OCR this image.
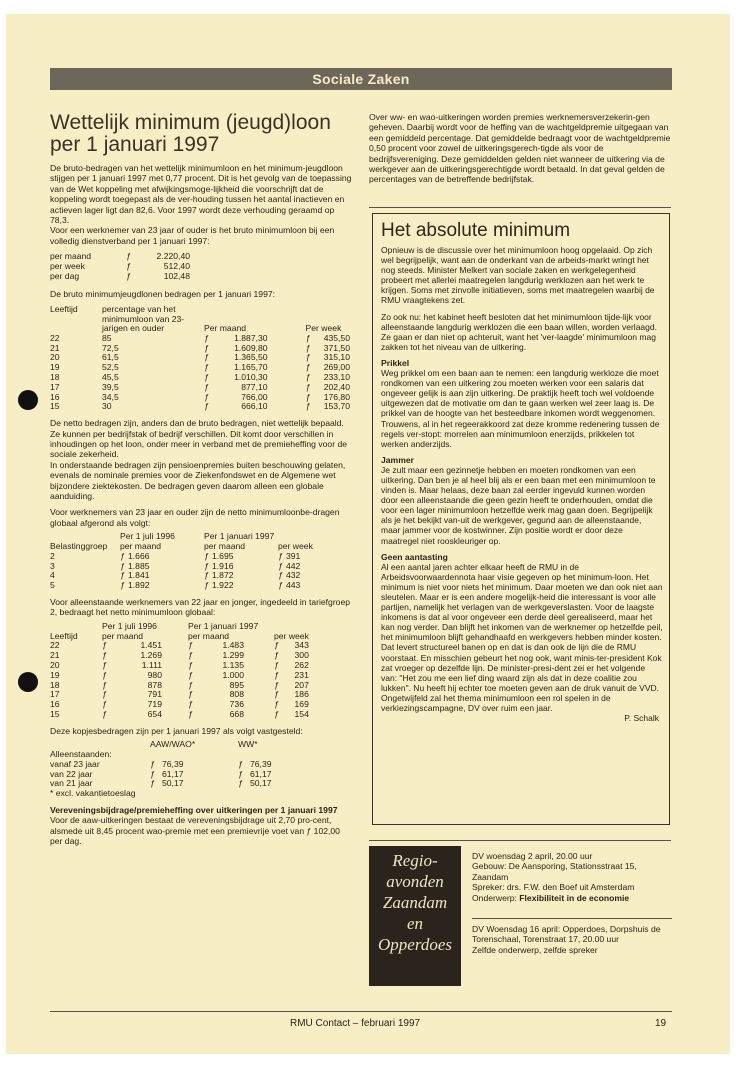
Sociale Zaken
Wettelijk minimum (jeugd)loon
per 1 januari 1997

De bruto-bedragen van het wettelijk minimumloon en het minimum-jeugdloon stijgen per 1 januari 1997 met 0,77 procent. Dit is het gevolg van de toepassing van de Wet koppeling met afwijkingsmoge-lijkheid die voorschrijft dat de koppeling wordt toegepast als de ver-houding tussen het aantal inactieven en actieven lager ligt dan 82,6. Voor 1997 wordt deze verhouding geraamd op 78,3.

Voor een werknemer van 23 jaar of ouder is het bruto minimumloon bij een volledig dienstverband per 1 januari 1997:

per maand	ƒ	2.220,40
per week	ƒ	512,40
per dag	ƒ	102,48

De bruto minimumjeugdlonen bedragen per 1 januari 1997:

Leeftijd	percentage van het minimumloon van 23-jarigen en ouder	Per maand		Per week	
22	85	ƒ	1.887,30	ƒ	435,50
21	72,5	ƒ	1.609,80	ƒ	371,50
20	61,5	ƒ	1.365,50	ƒ	315,10
19	52,5	ƒ	1.165,70	ƒ	269,00
18	45,5	ƒ	1.010,30	ƒ	233,10
17	39,5	ƒ	877,10	ƒ	202,40
16	34,5	ƒ	766,00	ƒ	176,80
15	30	ƒ	666,10	ƒ	153,70

De netto bedragen zijn, anders dan de bruto bedragen, niet wettelijk bepaald. Ze kunnen per bedrijfstak of bedrijf verschillen. Dit komt door verschillen in inhoudingen op het loon, onder meer in verband met de premieheffing voor de sociale zekerheid.

In onderstaande bedragen zijn pensioenpremies buiten beschouwing gelaten, evenals de nominale premies voor de Ziekenfondswet en de Algemene wet bijzondere ziektekosten. De bedragen geven daarom alleen een globale aanduiding.

Voor werknemers van 23 jaar en ouder zijn de netto minimumloonbe-dragen globaal afgerond als volgt:

	Per 1 juli 1996		Per 1 januari 1997			
Belastinggroep	per maand		per maand		per week	
2	ƒ	1.666	ƒ	1.695	ƒ	391
3	ƒ	1.885	ƒ	1.916	ƒ	442
4	ƒ	1.841	ƒ	1.872	ƒ	432
5	ƒ	1.892	ƒ	1.922	ƒ	443

Voor alleenstaande werknemers van 22 jaar en jonger, ingedeeld in tariefgroep 2, bedraagt het netto minimumloon globaal:

	Per 1 juli 1996		Per 1 januari 1997			
Leeftijd	per maand		per maand		per week	
22	ƒ	1.451	ƒ	1.483	ƒ	343
21	ƒ	1.269	ƒ	1.299	ƒ	300
20	ƒ	1.111	ƒ	1.135	ƒ	262
19	ƒ	980	ƒ	1.000	ƒ	231
18	ƒ	878	ƒ	895	ƒ	207
17	ƒ	791	ƒ	808	ƒ	186
16	ƒ	719	ƒ	736	ƒ	169
15	ƒ	654	ƒ	668	ƒ	154

Deze kopjesbedragen zijn per 1 januari 1997 als volgt vastgesteld:

	AAW/WAO*		WW*	
Alleenstaanden:				
vanaf 23 jaar	ƒ	76,39	ƒ	76,39
van 22 jaar	ƒ	61,17	ƒ	61,17
van 21 jaar	ƒ	50,17	ƒ	50,17
* excl. vakantietoeslag				

Vereveningsbijdrage/premieheffing over uitkeringen per 1 januari 1997
Voor de aaw-uitkeringen bestaat de vereveningsbijdrage uit 2,70 pro-cent, alsmede uit 8,45 procent wao-premie met een premievrije voet van ƒ 102,00 per dag.

Over ww- en wao-uitkeringen worden premies werknemersverzekerin-gen geheven. Daarbij wordt voor de heffing van de wachtgeldpremie uitgegaan van een gemiddeld percentage. Dat gemiddelde bedraagt voor de wachtgeldpremie 0,50 procent voor zowel de uitkeringsgerech-tigde als voor de bedrijfsvereniging. Deze gemiddelden gelden niet wanneer de uitkering via de werkgever aan de uitkeringsgerechtigde wordt betaald. In dat geval gelden de percentages van de betreffende bedrijfstak.

Het absolute minimum

Opnieuw is de discussie over het minimumloon hoog opgelaaid. Op zich wel begrijpelijk, want aan de onderkant van de arbeids-markt wringt het nog steeds. Minister Melkert van sociale zaken en werkgelegenheid probeert met allerlei maatregelen langdurig werklozen aan het werk te krijgen. Soms met zinvolle initiatieven, soms met maatregelen waarbij de RMU vraagtekens zet.

Zo ook nu: het kabinet heeft besloten dat het minimumloon tijde-lijk voor alleenstaande langdurig werklozen die een baan willen, worden verlaagd. Ze gaan er dan niet op achteruit, want het 'ver-laagde' minimumloon mag zakken tot het niveau van de uitkering.

Prikkel

Weg prikkel om een baan aan te nemen: een langdurig werkloze die moet rondkomen van een uitkering zou moeten werken voor een salaris dat ongeveer gelijk is aan zijn uitkering. De praktijk heeft toch wel voldoende uitgewezen dat de motivatie om dan te gaan werken wel zeer laag is. De prikkel van de hoogte van het besteedbare inkomen wordt weggenomen. Trouwens, al in het regeerakkoord zat deze kromme redenering tussen de regels ver-stopt: morrelen aan minimumloon enerzijds, prikkelen tot werken anderzijds.

Jammer

Je zult maar een gezinnetje hebben en moeten rondkomen van een uitkering. Dan ben je al heel blij als er een baan met een minimumloon te vinden is. Maar helaas, deze baan zal eerder ingevuld kunnen worden door een alleenstaande die geen gezin heeft te onderhouden, omdat die voor een lager minimumloon hetzelfde werk mag gaan doen. Begrijpelijk als je het bekijkt van-uit de werkgever, gegund aan de alleenstaande, maar jammer voor de kostwinner. Zijn positie wordt er door deze maatregel niet rooskleuriger op.

Geen aantasting

Al een aantal jaren achter elkaar heeft de RMU in de Arbeidsvoorwaardennota haar visie gegeven op het minimum-loon. Het minimum is niet voor niets het minimum. Daar moeten we dan ook niet aan sleutelen. Maar er is een andere mogelijk-heid die interessant is voor alle partijen, namelijk het verlagen van de werkgeverslasten. Voor de laagste inkomens is dat al voor ongeveer een derde deel gerealiseerd, maar het kan nog verder. Dan blijft het inkomen van de werknemer op hetzelfde peil, het minimumloon blijft gehandhaafd en werkgevers hebben minder kosten.

Dat levert structureel banen op en dat is dan ook de lijn die de RMU voorstaat. En misschien gebeurt het nog ook, want minis-ter-president Kok zat vroeger op dezelfde lijn. De minister-presi-dent zei er het volgende van: "Het zou me een lief ding waard zijn als dat in deze coalitie zou lukken". Nu heeft hij echter toe moeten geven aan de druk vanuit de VVD. Ongetwijfeld zal het thema minimumloon een rol spelen in de verkiezingscampagne, DV over ruim een jaar.

P. Schalk
Regio-
avonden
Zaandam
en
Opperdoes
DV woensdag 2 april, 20.00 uur
Gebouw: De Aansporing, Stationsstraat 15, Zaandam
Spreker: drs. F.W. den Boef uit Amsterdam
Onderwerp: Flexibiliteit in de economie
DV Woensdag 16 april: Opperdoes, Dorpshuis de Torenschaal, Torenstraat 17, 20.00 uur
Zelfde onderwerp, zelfde spreker
RMU Contact – februari 1997	19
